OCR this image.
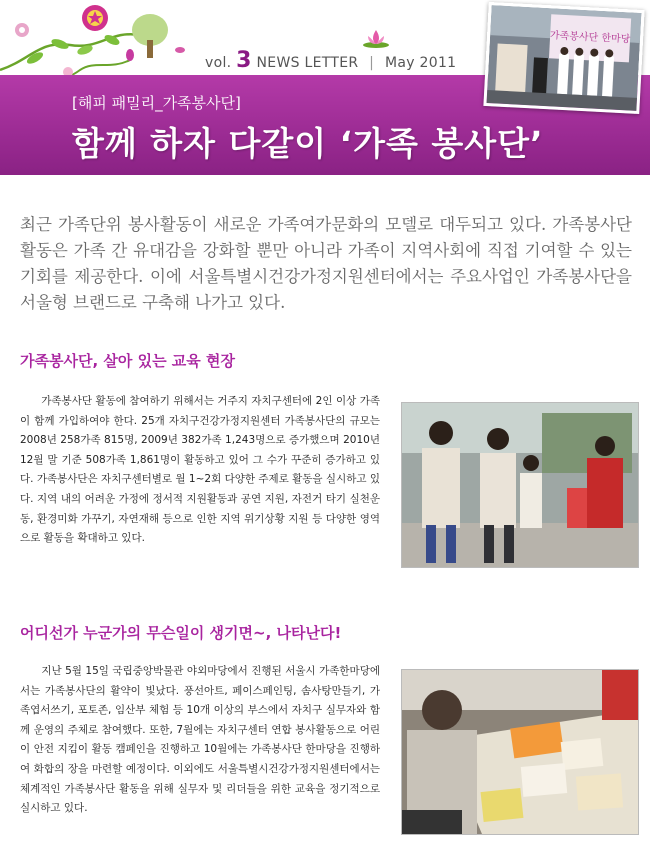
vol. 3 NEWS LETTER | May 2011
[해피 패밀리_가족봉사단]
함께 하자 다같이 ‘가족 봉사단’
가족봉사단 한마당
최근 가족단위 봉사활동이 새로운 가족여가문화의 모델로 대두되고 있다. 가족봉사단 활동은 가족 간 유대감을 강화할 뿐만 아니라 가족이 지역사회에 직접 기여할 수 있는 기회를 제공한다. 이에 서울특별시건강가정지원센터에서는 주요사업인 가족봉사단을 서울형 브랜드로 구축해 나가고 있다.
가족봉사단, 살아 있는 교육 현장
　　가족봉사단 활동에 참여하기 위해서는 거주지 자치구센터에 2인 이상 가족이 함께 가입하여야 한다. 25개 자치구건강가정지원센터 가족봉사단의 규모는 2008년 258가족 815명, 2009년 382가족 1,243명으로 증가했으며 2010년 12월 말 기준 508가족 1,861명이 활동하고 있어 그 수가 꾸준히 증가하고 있다. 가족봉사단은 자치구센터별로 월 1~2회 다양한 주제로 활동을 실시하고 있다. 지역 내의 어려운 가정에 정서적 지원활동과 공연 지원, 자전거 타기 실천운동, 환경미화 가꾸기, 자연재해 등으로 인한 지역 위기상황 지원 등 다양한 영역으로 활동을 확대하고 있다.
어디선가 누군가의 무슨일이 생기면~, 나타난다!
　　지난 5월 15일 국립중앙박물관 야외마당에서 진행된 서울시 가족한마당에서는 가족봉사단의 활약이 빛났다. 풍선아트, 페이스페인팅, 솜사탕만들기, 가족엽서쓰기, 포토존, 임산부 체험 등 10개 이상의 부스에서 자치구 실무자와 함께 운영의 주체로 참여했다. 또한, 7월에는 자치구센터 연합 봉사활동으로 어린이 안전 지킴이 활동 캠페인을 진행하고 10월에는 가족봉사단 한마당을 진행하여 화합의 장을 마련할 예정이다. 이외에도 서울특별시건강가정지원센터에서는 체계적인 가족봉사단 활동을 위해 실무자 및 리더들을 위한 교육을 정기적으로 실시하고 있다.
